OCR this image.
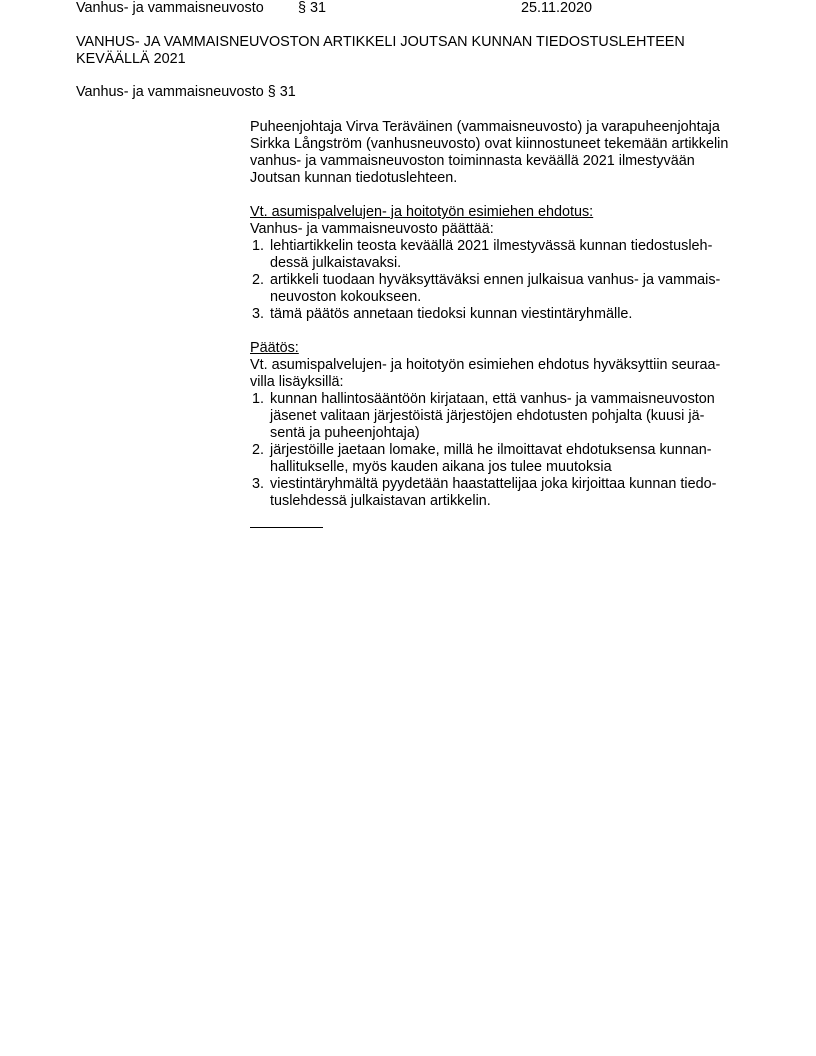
Vanhus- ja vammaisneuvosto § 31	25.11.2020
VANHUS- JA VAMMAISNEUVOSTON ARTIKKELI JOUTSAN KUNNAN TIEDOSTUSLEHTEEN KEVÄÄLLÄ 2021
Vanhus- ja vammaisneuvosto § 31
Puheenjohtaja Virva Teräväinen (vammaisneuvosto) ja varapuheenjohtaja
Sirkka Långström (vanhusneuvosto) ovat kiinnostuneet tekemään artikkelin
vanhus- ja vammaisneuvoston toiminnasta keväällä 2021 ilmestyvään
Joutsan kunnan tiedotuslehteen.
Vt. asumispalvelujen- ja hoitotyön esimiehen ehdotus:
Vanhus- ja vammaisneuvosto päättää:
1. lehtiartikkelin teosta keväällä 2021 ilmestyvässä kunnan tiedostusleh-
dessä julkaistavaksi.
2. artikkeli tuodaan hyväksyttäväksi ennen julkaisua vanhus- ja vammais-
neuvoston kokoukseen.
3. tämä päätös annetaan tiedoksi kunnan viestintäryhmälle.
Päätös:
Vt. asumispalvelujen- ja hoitotyön esimiehen ehdotus hyväksyttiin seuraa-
villa lisäyksillä:
1. kunnan hallintosääntöön kirjataan, että vanhus- ja vammaisneuvoston
jäsenet valitaan järjestöistä järjestöjen ehdotusten pohjalta (kuusi jä-
sentä ja puheenjohtaja)
2. järjestöille jaetaan lomake, millä he ilmoittavat ehdotuksensa kunnan-
hallitukselle, myös kauden aikana jos tulee muutoksia
3. viestintäryhmältä pyydetään haastattelijaa joka kirjoittaa kunnan tiedo-
tuslehdessä julkaistavan artikkelin.
